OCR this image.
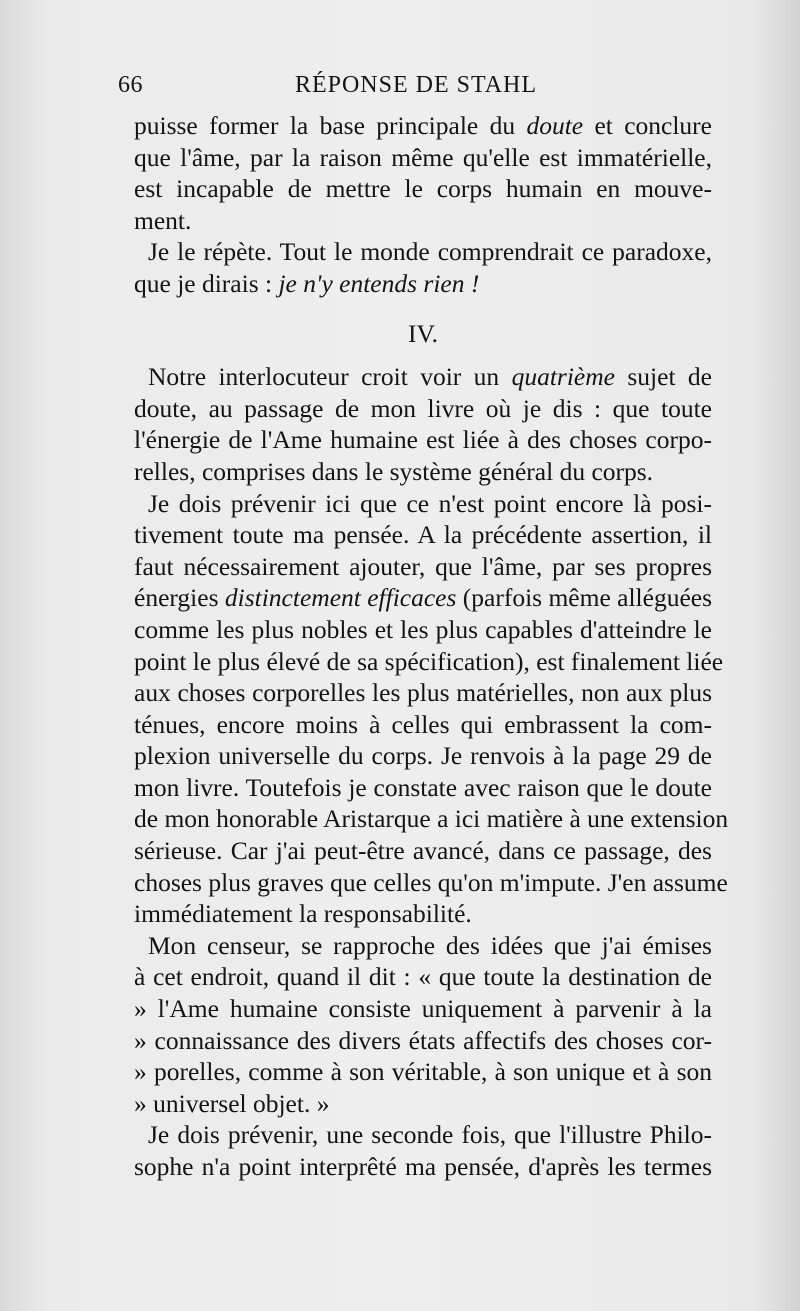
66	RÉPONSE DE STAHL
puisse former la base principale du doute et conclure
que l'âme, par la raison même qu'elle est immatérielle,
est incapable de mettre le corps humain en mouve-
ment.
Je le répète. Tout le monde comprendrait ce paradoxe,
que je dirais : je n'y entends rien !
IV.
Notre interlocuteur croit voir un quatrième sujet de
doute, au passage de mon livre où je dis : que toute
l'énergie de l'Ame humaine est liée à des choses corpo-
relles, comprises dans le système général du corps.
Je dois prévenir ici que ce n'est point encore là posi-
tivement toute ma pensée. A la précédente assertion, il
faut nécessairement ajouter, que l'âme, par ses propres
énergies distinctement efficaces (parfois même alléguées
comme les plus nobles et les plus capables d'atteindre le
point le plus élevé de sa spécification), est finalement liée
aux choses corporelles les plus matérielles, non aux plus
ténues, encore moins à celles qui embrassent la com-
plexion universelle du corps. Je renvois à la page 29 de
mon livre. Toutefois je constate avec raison que le doute
de mon honorable Aristarque a ici matière à une extension
sérieuse. Car j'ai peut-être avancé, dans ce passage, des
choses plus graves que celles qu'on m'impute. J'en assume
immédiatement la responsabilité.
Mon censeur, se rapproche des idées que j'ai émises
à cet endroit, quand il dit : « que toute la destination de
» l'Ame humaine consiste uniquement à parvenir à la
» connaissance des divers états affectifs des choses cor-
» porelles, comme à son véritable, à son unique et à son
» universel objet. »
Je dois prévenir, une seconde fois, que l'illustre Philo-
sophe n'a point interprêté ma pensée, d'après les termes
